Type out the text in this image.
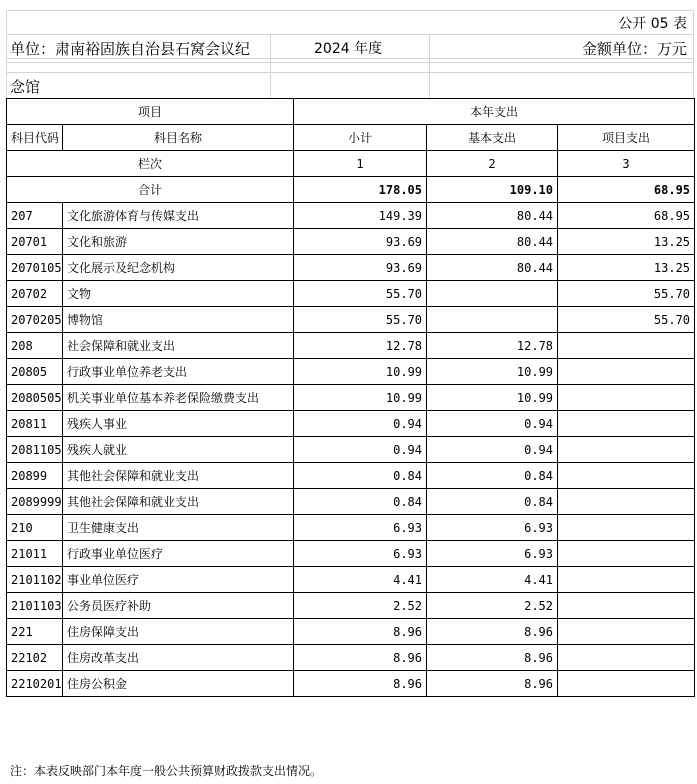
公开 05 表
单位：肃南裕固族自治县石窝会议纪	2024 年度	金额单位：万元
念馆
项目		本年支出		
科目代码	科目名称	小计	基本支出	项目支出
栏次		1	2	3
合计		178.05	109.10	68.95
207	文化旅游体育与传媒支出	149.39	80.44	68.95
20701	文化和旅游	93.69	80.44	13.25
2070105	文化展示及纪念机构	93.69	80.44	13.25
20702	文物	55.70		55.70
2070205	博物馆	55.70		55.70
208	社会保障和就业支出	12.78	12.78	
20805	行政事业单位养老支出	10.99	10.99	
2080505	机关事业单位基本养老保险缴费支出	10.99	10.99	
20811	残疾人事业	0.94	0.94	
2081105	残疾人就业	0.94	0.94	
20899	其他社会保障和就业支出	0.84	0.84	
2089999	其他社会保障和就业支出	0.84	0.84	
210	卫生健康支出	6.93	6.93	
21011	行政事业单位医疗	6.93	6.93	
2101102	事业单位医疗	4.41	4.41	
2101103	公务员医疗补助	2.52	2.52	
221	住房保障支出	8.96	8.96	
22102	住房改革支出	8.96	8.96	
2210201	住房公积金	8.96	8.96	
注：本表反映部门本年度一般公共预算财政拨款支出情况。
